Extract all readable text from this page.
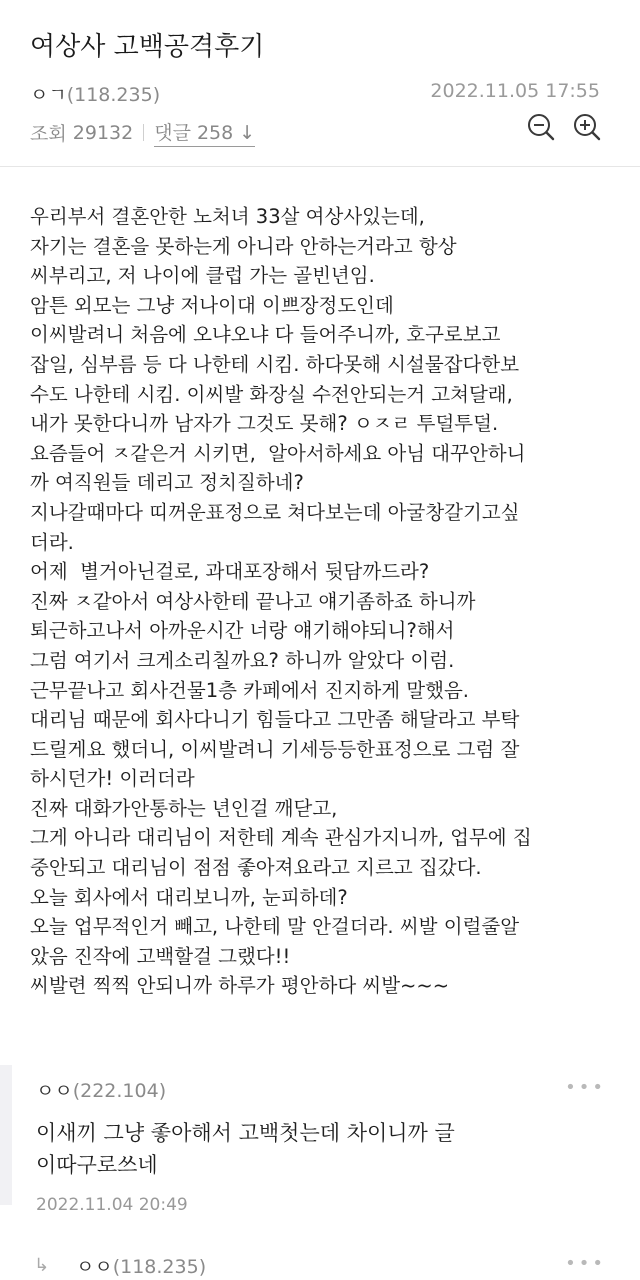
여상사 고백공격후기
ㅇㄱ(118.235)	2022.11.05 17:55
조회
29132 댓글 258 ↓
우리부서 결혼안한 노처녀 33살 여상사있는데,
자기는 결혼을 못하는게 아니라 안하는거라고 항상
씨부리고, 저 나이에 클럽 가는 골빈년임.
암튼 외모는 그냥 저나이대 이쁘장정도인데
이씨발려니 처음에 오냐오냐 다 들어주니까, 호구로보고
잡일, 심부름 등 다 나한테 시킴. 하다못해 시설물잡다한보
수도 나한테 시킴. 이씨발 화장실 수전안되는거 고쳐달래,
내가 못한다니까 남자가 그것도 못해? ㅇㅈㄹ 투덜투덜.
요즘들어 ㅈ같은거 시키면,  알아서하세요 아님 대꾸안하니
까 여직원들 데리고 정치질하네?
지나갈때마다 띠꺼운표정으로 쳐다보는데 아굴창갈기고싶
더라.
어제  별거아닌걸로, 과대포장해서 뒷담까드라?
진짜 ㅈ같아서 여상사한테 끝나고 얘기좀하죠 하니까
퇴근하고나서 아까운시간 너랑 얘기해야되니?해서
그럼 여기서 크게소리칠까요? 하니까 알았다 이럼.
근무끝나고 회사건물1층 카페에서 진지하게 말했음.
대리님 때문에 회사다니기 힘들다고 그만좀 해달라고 부탁
드릴게요 했더니, 이씨발려니 기세등등한표정으로 그럼 잘
하시던가! 이러더라
진짜 대화가안통하는 년인걸 깨닫고,
그게 아니라 대리님이 저한테 계속 관심가지니까, 업무에 집
중안되고 대리님이 점점 좋아져요라고 지르고 집갔다.
오늘 회사에서 대리보니까, 눈피하데?
오늘 업무적인거 빼고, 나한테 말 안걸더라. 씨발 이럴줄알
았음 진작에 고백할걸 그랬다!!
씨발련 찍찍 안되니까 하루가 평안하다 씨발~~~
ㅇㅇ(222.104)
이새끼 그냥 좋아해서 고백첫는데 차이니까 글
이따구로쓰네
2022.11.04 20:49
•••
↳ ㅇㅇ(118.235)	•••
